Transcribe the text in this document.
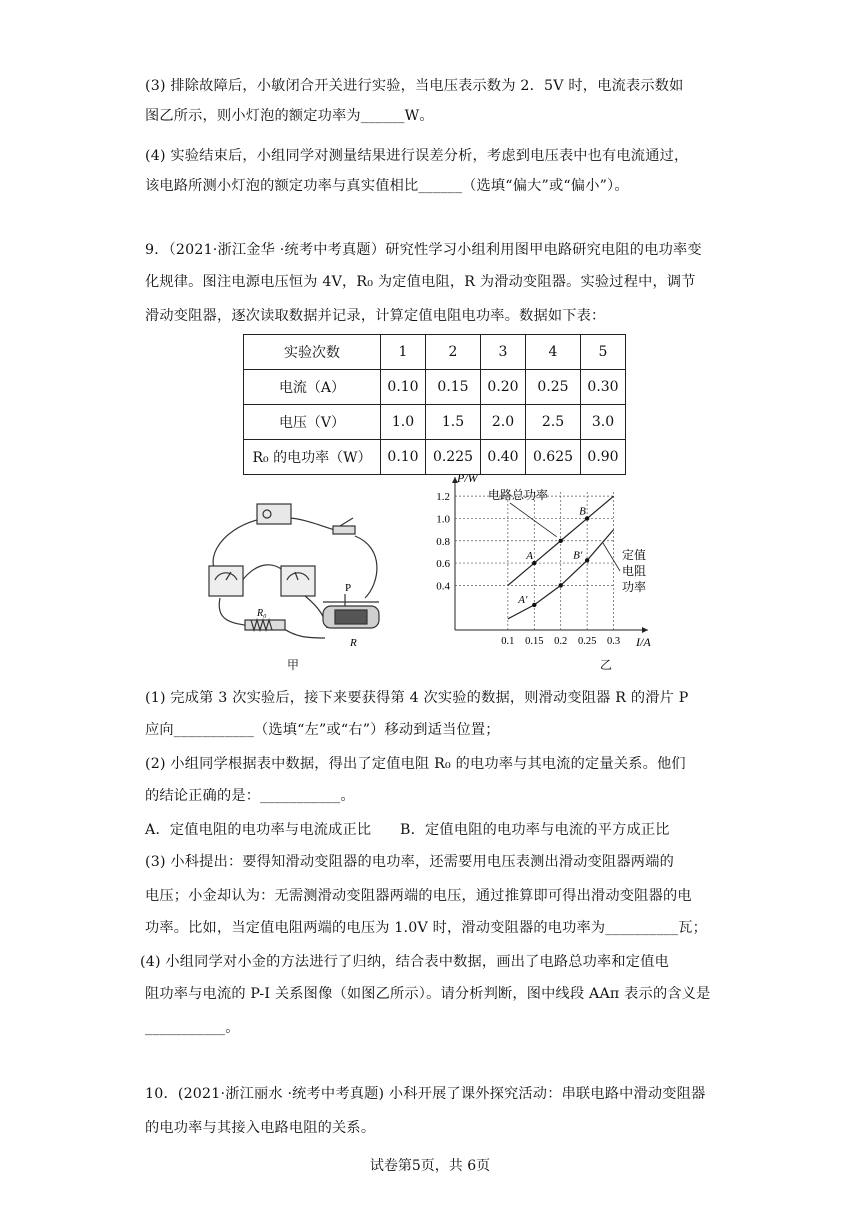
(3) 排除故障后，小敏闭合开关进行实验，当电压表示数为 2．5V 时，电流表示数如
图乙所示，则小灯泡的额定功率为______W。
(4) 实验结束后，小组同学对测量结果进行误差分析，考虑到电压表中也有电流通过，
该电路所测小灯泡的额定功率与真实值相比______（选填“偏大”或“偏小”）。
9．（2021·浙江金华 ·统考中考真题）研究性学习小组利用图甲电路研究电阻的电功率变
化规律。图注电源电压恒为 4V，R₀ 为定值电阻，R 为滑动变阻器。实验过程中，调节
滑动变阻器，逐次读取数据并记录，计算定值电阻电功率。数据如下表：
实验次数	1	2	3	4	5
电流（A）	0.10	0.15	0.20	0.25	0.30
电压（V）	1.0	1.5	2.0	2.5	3.0
R₀ 的电功率（W）	0.10	0.225	0.40	0.625	0.90
P
R₀
R
甲
P/W
I/A
1.2
1.0
0.8
0.6
0.4
0.1 0.15 0.2 0.25 0.3
A
A'
B
B'
电路总功率
定值
电阻
功率
乙
(1) 完成第 3 次实验后，接下来要获得第 4 次实验的数据，则滑动变阻器 R 的滑片 P
应向___________（选填“左”或“右”）移动到适当位置；
(2) 小组同学根据表中数据，得出了定值电阻 R₀ 的电功率与其电流的定量关系。他们
的结论正确的是：___________。
A．定值电阻的电功率与电流成正比　　B．定值电阻的电功率与电流的平方成正比
(3) 小科提出：要得知滑动变阻器的电功率，还需要用电压表测出滑动变阻器两端的
电压；小金却认为：无需测滑动变阻器两端的电压，通过推算即可得出滑动变阻器的电
功率。比如，当定值电阻两端的电压为 1.0V 时，滑动变阻器的电功率为__________瓦；
(4) 小组同学对小金的方法进行了归纳，结合表中数据，画出了电路总功率和定值电
阻功率与电流的 P-I 关系图像（如图乙所示）。请分析判断，图中线段 AAπ 表示的含义是
___________。
10．(2021·浙江丽水 ·统考中考真题) 小科开展了课外探究活动：串联电路中滑动变阻器
的电功率与其接入电路电阻的关系。
试卷第5页，共 6页
